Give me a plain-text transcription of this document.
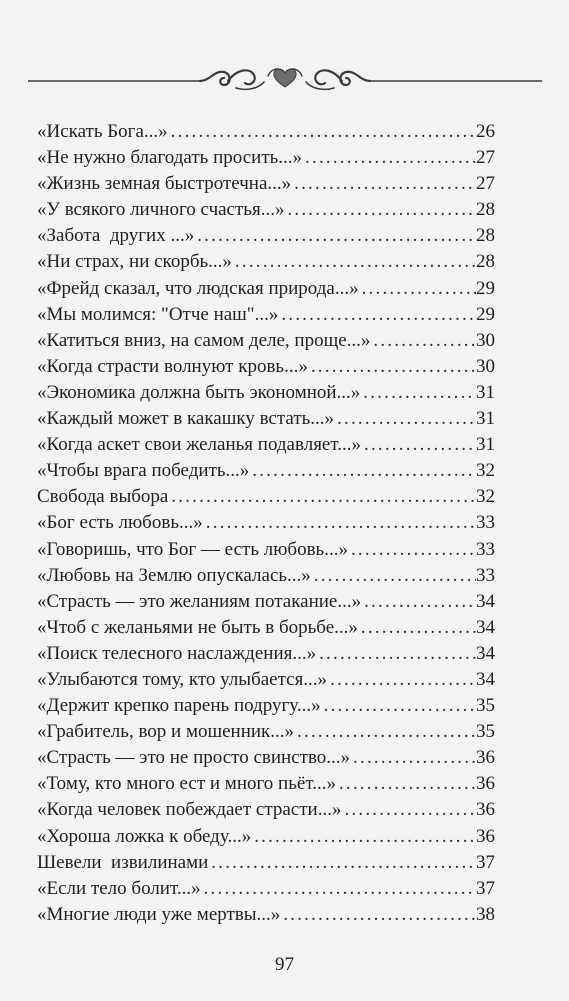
«Искать Бога...» .....	26
«Не нужно благодать просить...» .....	27
«Жизнь земная быстротечна...» .....	27
«У всякого личного счастья...» .....	28
«Забота  других ...» .....	28
«Ни страх, ни скорбь...» .....	28
«Фрейд сказал, что людская природа...» .....	29
«Мы молимся: "Отче наш"...» .....	29
«Катиться вниз, на самом деле, проще...» .....	30
«Когда страсти волнуют кровь...» .....	30
«Экономика должна быть экономной...» .....	31
«Каждый может в какашку встать...» .....	31
«Когда аскет свои желанья подавляет...» .....	31
«Чтобы врага победить...» .....	32
Свобода выбора .....	32
«Бог есть любовь...» .....	33
«Говоришь, что Бог — есть любовь...» .....	33
«Любовь на Землю опускалась...» .....	33
«Страсть — это желаниям потакание...» .....	34
«Чтоб с желаньями не быть в борьбе...» .....	34
«Поиск телесного наслаждения...» .....	34
«Улыбаются тому, кто улыбается...» .....	34
«Держит крепко парень подругу...» .....	35
«Грабитель, вор и мошенник...» .....	35
«Страсть — это не просто свинство...» .....	36
«Тому, кто много ест и много пьёт...» .....	36
«Когда человек побеждает страсти...» .....	36
«Хороша ложка к обеду...» .....	36
Шевели  извилинами .....	37
«Если тело болит...» .....	37
«Многие люди уже мертвы...» .....	38
97
